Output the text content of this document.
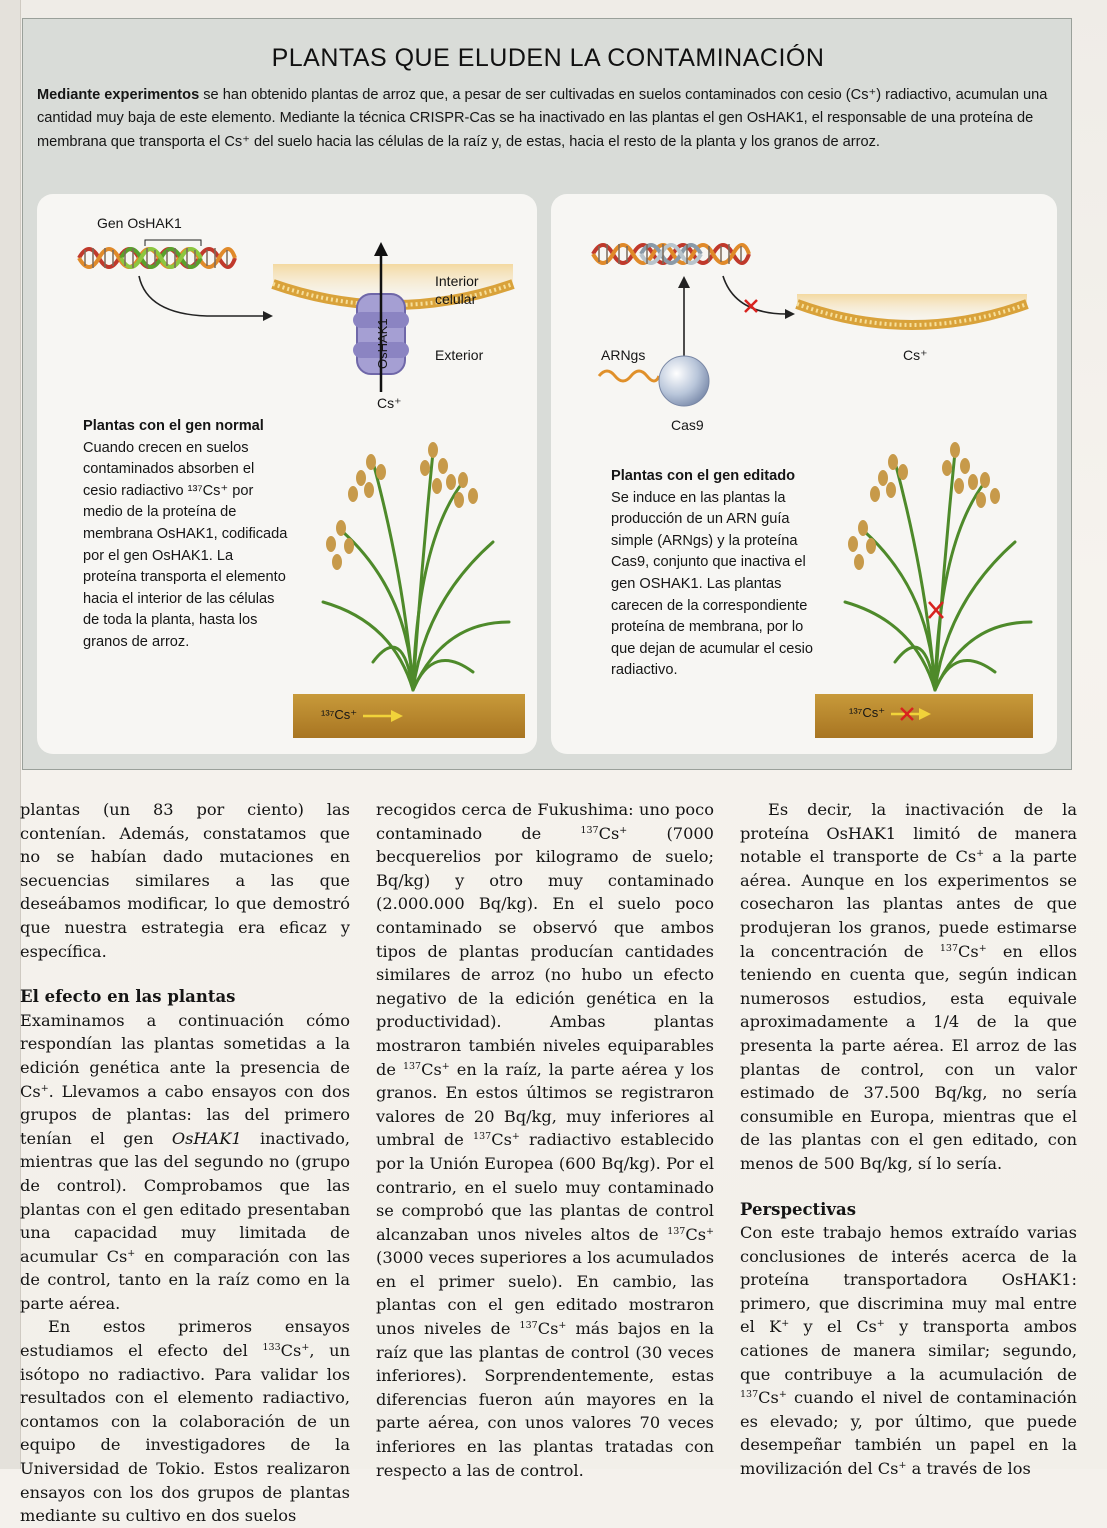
PLANTAS QUE ELUDEN LA CONTAMINACIÓN
Mediante experimentos se han obtenido plantas de arroz que, a pesar de ser cultivadas en suelos contaminados con cesio (Cs⁺) radiactivo, acumulan una cantidad muy baja de este elemento. Mediante la técnica CRISPR-Cas se ha inactivado en las plantas el gen OsHAK1, el responsable de una proteína de membrana que transporta el Cs⁺ del suelo hacia las células de la raíz y, de estas, hacia el resto de la planta y los granos de arroz.
Gen OsHAK1
OsHAK1
Cs⁺
Interior celular
Exterior
Plantas con el gen normal
Cuando crecen en suelos contaminados absorben el cesio radiactivo ¹³⁷Cs⁺ por medio de la proteína de membrana OsHAK1, codificada por el gen OsHAK1. La proteína transporta el elemento hacia el interior de las células de toda la planta, hasta los granos de arroz.
¹³⁷Cs⁺
Cs⁺
ARNgs
Cas9
Plantas con el gen editado
Se induce en las plantas la producción de un ARN guía simple (ARNgs) y la proteína Cas9, conjunto que inactiva el gen OSHAK1. Las plantas carecen de la correspondiente proteína de membrana, por lo que dejan de acumular el cesio radiactivo.
¹³⁷Cs⁺

plantas (un 83 por ciento) las contenían. Además, constatamos que no se habían dado mutaciones en secuencias similares a las que deseábamos modificar, lo que demostró que nuestra estrategia era eficaz y específica.

El efecto en las plantas

Examinamos a continuación cómo respondían las plantas sometidas a la edición genética ante la presencia de Cs+. Llevamos a cabo ensayos con dos grupos de plantas: las del primero tenían el gen OsHAK1 inactivado, mientras que las del segundo no (grupo de control). Comprobamos que las plantas con el gen editado presentaban una capacidad muy limitada de acumular Cs+ en comparación con las de control, tanto en la raíz como en la parte aérea.

En estos primeros ensayos estudiamos el efecto del $^{133}$Cs+, un isótopo no radiactivo. Para validar los resultados con el elemento radiactivo, contamos con la colaboración de un equipo de investigadores de la Universidad de Tokio. Estos realizaron ensayos con los dos grupos de plantas mediante su cultivo en dos suelos

recogidos cerca de Fukushima: uno poco contaminado de $^{137}$Cs+ (7000 becquerelios por kilogramo de suelo; Bq/kg) y otro muy contaminado (2.000.000 Bq/kg). En el suelo poco contaminado se observó que ambos tipos de plantas producían cantidades similares de arroz (no hubo un efecto negativo de la edición genética en la productividad). Ambas plantas mostraron también niveles equiparables de $^{137}$Cs+ en la raíz, la parte aérea y los granos. En estos últimos se registraron valores de 20 Bq/kg, muy inferiores al umbral de $^{137}$Cs+ radiactivo establecido por la Unión Europea (600 Bq/kg). Por el contrario, en el suelo muy contaminado se comprobó que las plantas de control alcanzaban unos niveles altos de $^{137}$Cs+ (3000 veces superiores a los acumulados en el primer suelo). En cambio, las plantas con el gen editado mostraron unos niveles de $^{137}$Cs+ más bajos en la raíz que las plantas de control (30 veces inferiores). Sorprendentemente, estas diferencias fueron aún mayores en la parte aérea, con unos valores 70 veces inferiores en las plantas tratadas con respecto a las de control.

Es decir, la inactivación de la proteína OsHAK1 limitó de manera notable el transporte de Cs+ a la parte aérea. Aunque en los experimentos se cosecharon las plantas antes de que produjeran los granos, puede estimarse la concentración de $^{137}$Cs+ en ellos teniendo en cuenta que, según indican numerosos estudios, esta equivale aproximadamente a 1/4 de la que presenta la parte aérea. El arroz de las plantas de control, con un valor estimado de 37.500 Bq/kg, no sería consumible en Europa, mientras que el de las plantas con el gen editado, con menos de 500 Bq/kg, sí lo sería.

Perspectivas

Con este trabajo hemos extraído varias conclusiones de interés acerca de la proteína transportadora OsHAK1: primero, que discrimina muy mal entre el K+ y el Cs+ y transporta ambos cationes de manera similar; segundo, que contribuye a la acumulación de $^{137}$Cs+ cuando el nivel de contaminación es elevado; y, por último, que puede desempeñar también un papel en la movilización del Cs+ a través de los
